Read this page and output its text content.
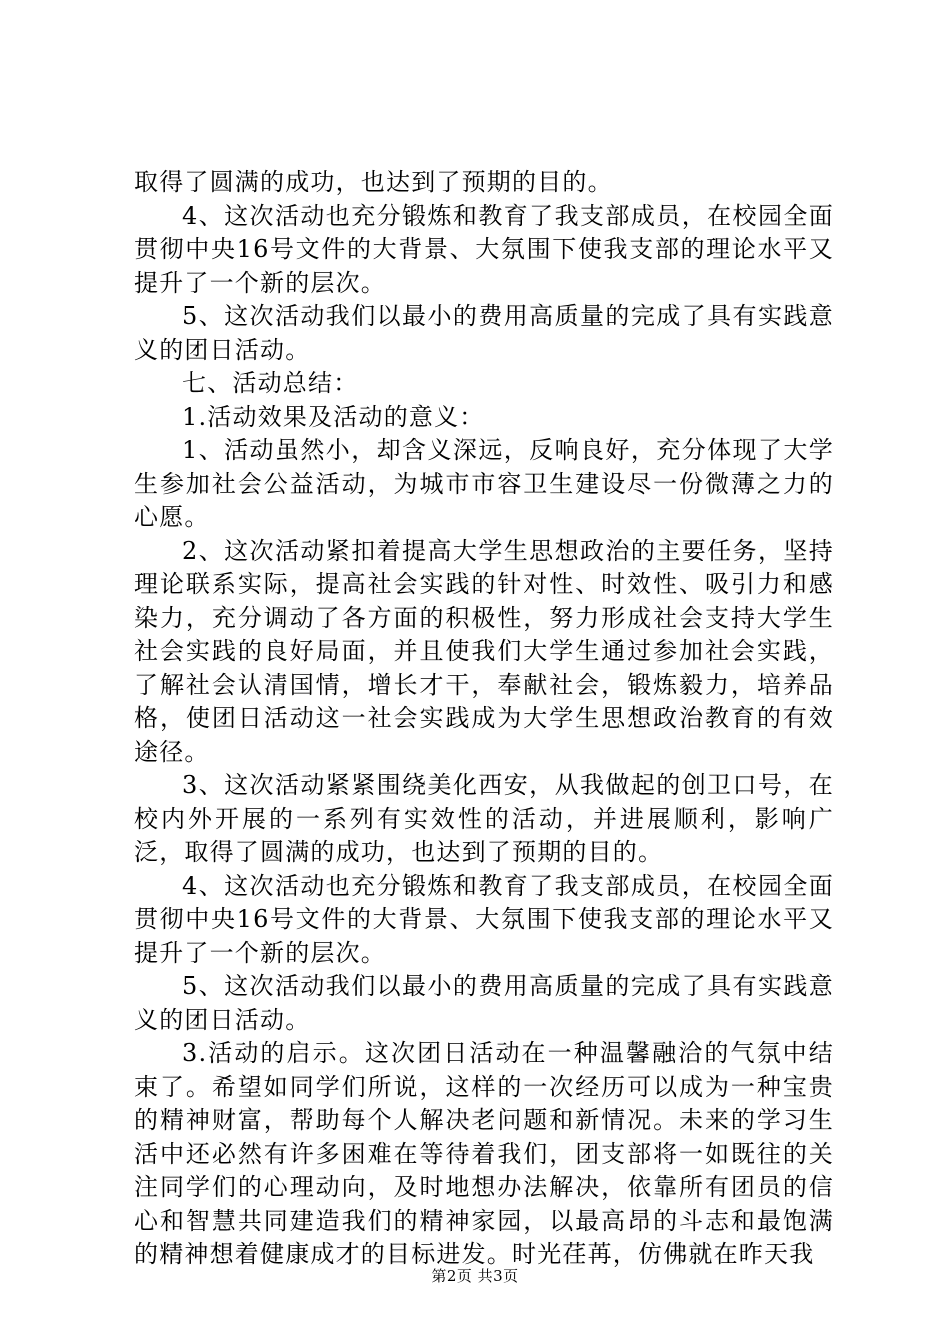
取得了圆满的成功，也达到了预期的目的。

4、这次活动也充分锻炼和教育了我支部成员，在校园全面贯彻中央16号文件的大背景、大氛围下使我支部的理论水平又提升了一个新的层次。

5、这次活动我们以最小的费用高质量的完成了具有实践意义的团日活动。

七、活动总结：

1.活动效果及活动的意义：

1、活动虽然小，却含义深远，反响良好，充分体现了大学生参加社会公益活动，为城市市容卫生建设尽一份微薄之力的心愿。

2、这次活动紧扣着提高大学生思想政治的主要任务，坚持理论联系实际，提高社会实践的针对性、时效性、吸引力和感染力，充分调动了各方面的积极性，努力形成社会支持大学生社会实践的良好局面，并且使我们大学生通过参加社会实践，了解社会认清国情，增长才干，奉献社会，锻炼毅力，培养品格，使团日活动这一社会实践成为大学生思想政治教育的有效途径。

3、这次活动紧紧围绕美化西安，从我做起的创卫口号，在校内外开展的一系列有实效性的活动，并进展顺利，影响广泛，取得了圆满的成功，也达到了预期的目的。

4、这次活动也充分锻炼和教育了我支部成员，在校园全面贯彻中央16号文件的大背景、大氛围下使我支部的理论水平又提升了一个新的层次。

5、这次活动我们以最小的费用高质量的完成了具有实践意义的团日活动。

3.活动的启示。这次团日活动在一种温馨融洽的气氛中结束了。希望如同学们所说，这样的一次经历可以成为一种宝贵的精神财富，帮助每个人解决老问题和新情况。未来的学习生活中还必然有许多困难在等待着我们，团支部将一如既往的关注同学们的心理动向，及时地想办法解决，依靠所有团员的信心和智慧共同建造我们的精神家园，以最高昂的斗志和最饱满的精神想着健康成才的目标进发。时光荏苒，仿佛就在昨天我

第2页 共3页
